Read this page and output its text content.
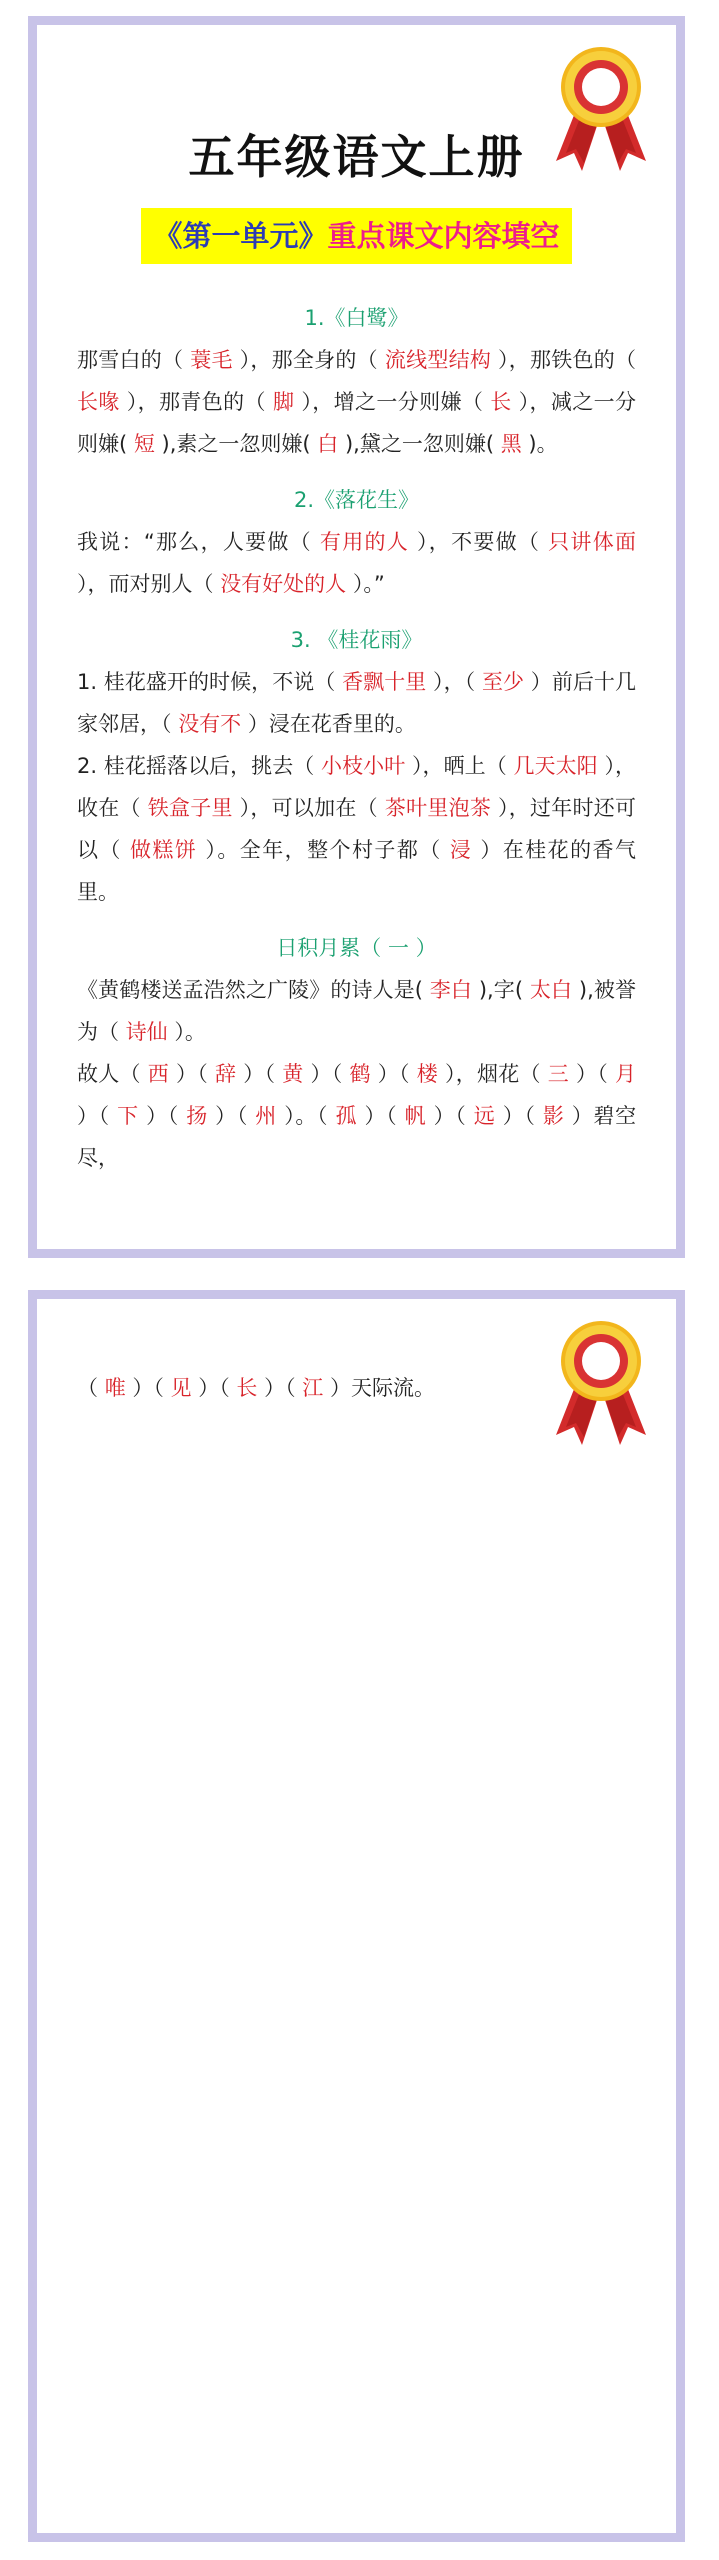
五年级语文上册
《第一单元》重点课文内容填空

1.《白鹭》

那雪白的（ 蓑毛 ），那全身的（ 流线型结构 ），那铁色的（ 长喙 ），那青色的（ 脚 ），增之一分则嫌（ 长 ），减之一分则嫌( 短 ),素之一忽则嫌( 白 ),黛之一忽则嫌( 黑 )。

2.《落花生》

我说：“那么，人要做（ 有用的人 ），不要做（ 只讲体面 ），而对别人（ 没有好处的人 ）。”

3. 《桂花雨》

1. 桂花盛开的时候，不说（ 香飘十里 ），（ 至少 ）前后十几家邻居，（ 没有不 ）浸在花香里的。

2. 桂花摇落以后，挑去（ 小枝小叶 ），晒上（ 几天太阳 ），收在（ 铁盒子里 ），可以加在（ 茶叶里泡茶 ），过年时还可以（ 做糕饼 ）。全年，整个村子都（ 浸 ）在桂花的香气里。

日积月累（ 一 ）

《黄鹤楼送孟浩然之广陵》的诗人是( 李白 ),字( 太白 ),被誉为（ 诗仙 ）。

故人（ 西 ）（ 辞 ）（ 黄 ）（ 鹤 ）（ 楼 ），烟花（ 三 ）（ 月 ）（ 下 ）（ 扬 ）（ 州 ）。（ 孤 ）（ 帆 ）（ 远 ）（ 影 ）碧空尽，

（ 唯 ）（ 见 ）（ 长 ）（ 江 ）天际流。
